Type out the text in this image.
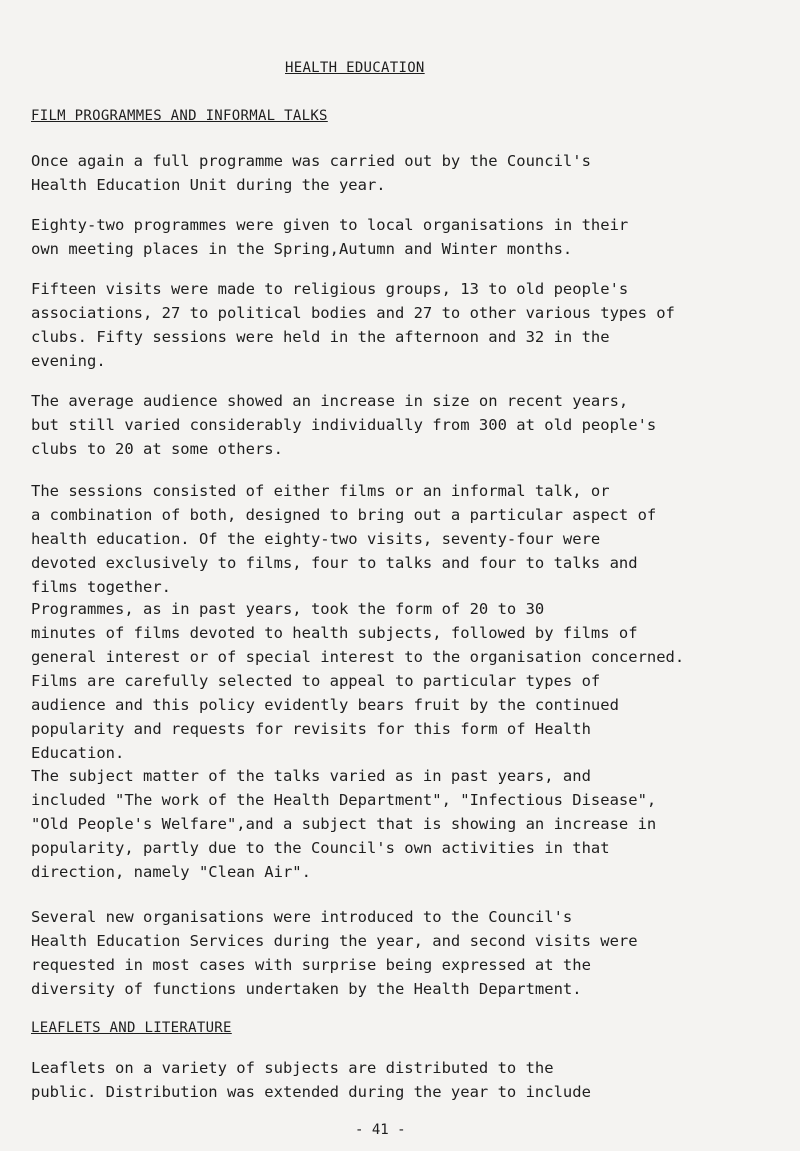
HEALTH EDUCATION
FILM PROGRAMMES AND INFORMAL TALKS

Once again a full programme was carried out by the Council's
Health Education Unit during the year.

Eighty-two programmes were given to local organisations in their
own meeting places in the Spring,Autumn and Winter months.

Fifteen visits were made to religious groups, 13 to old people's
associations, 27 to political bodies and 27 to other various types of
clubs. Fifty sessions were held in the afternoon and 32 in the
evening.

The average audience showed an increase in size on recent years,
but still varied considerably individually from 300 at old people's
clubs to 20 at some others.

The sessions consisted of either films or an informal talk, or
a combination of both, designed to bring out a particular aspect of
health education. Of the eighty-two visits, seventy-four were
devoted exclusively to films, four to talks and four to talks and
films together.

Programmes, as in past years, took the form of 20 to 30
minutes of films devoted to health subjects, followed by films of
general interest or of special interest to the organisation concerned.
Films are carefully selected to appeal to particular types of
audience and this policy evidently bears fruit by the continued
popularity and requests for revisits for this form of Health
Education.

The subject matter of the talks varied as in past years, and
included "The work of the Health Department", "Infectious Disease",
"Old People's Welfare",and a subject that is showing an increase in
popularity, partly due to the Council's own activities in that
direction, namely "Clean Air".

Several new organisations were introduced to the Council's
Health Education Services during the year, and second visits were
requested in most cases with surprise being expressed at the
diversity of functions undertaken by the Health Department.

LEAFLETS AND LITERATURE

Leaflets on a variety of subjects are distributed to the
public. Distribution was extended during the year to include

- 41 -
